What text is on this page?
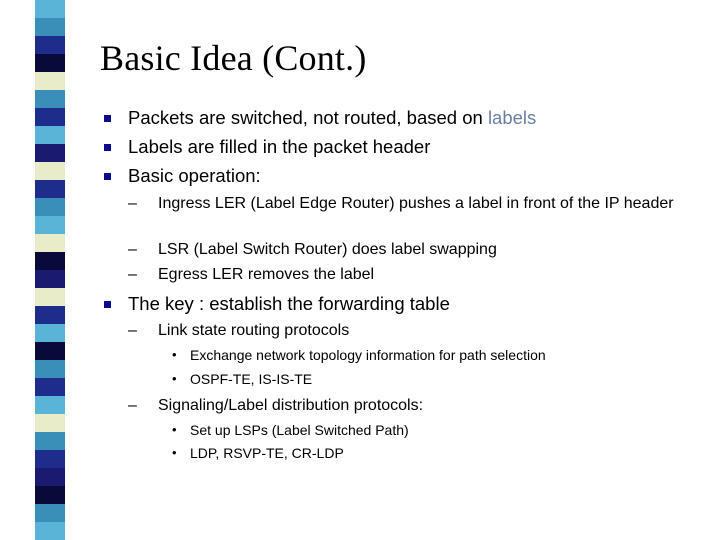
Basic Idea (Cont.)
Packets are switched, not routed, based on labels
Labels are filled in the packet header
Basic operation:
– Ingress LER (Label Edge Router) pushes a label in front of the IP header
– LSR (Label Switch Router) does label swapping
– Egress LER removes the label
The key : establish the forwarding table
– Link state routing protocols
• Exchange network topology information for path selection
• OSPF-TE, IS-IS-TE
– Signaling/Label distribution protocols:
• Set up LSPs (Label Switched Path)
• LDP, RSVP-TE, CR-LDP
